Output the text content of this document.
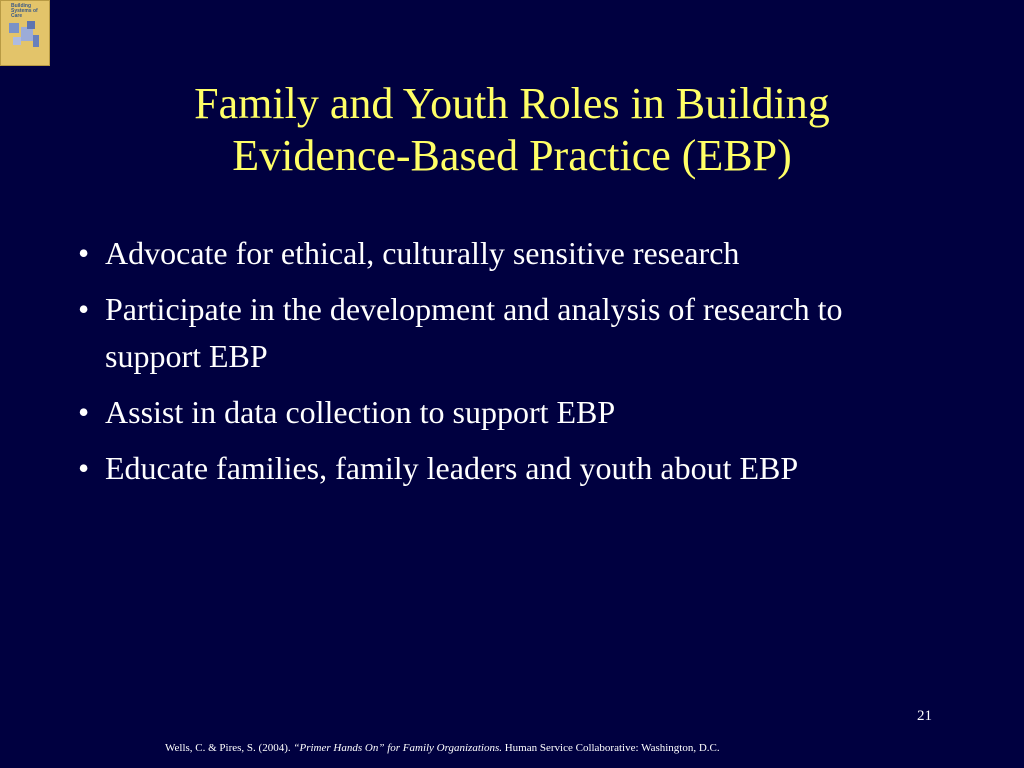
Building
Systems of
Care
Family and Youth Roles in Building
Evidence-Based Practice (EBP)
• Advocate for ethical, culturally sensitive research
• Participate in the development and analysis of research to support EBP
• Assist in data collection to support EBP
• Educate families, family leaders and youth about EBP
Wells, C. & Pires, S. (2004). “Primer Hands On” for Family Organizations. Human Service Collaborative: Washington, D.C.
21
